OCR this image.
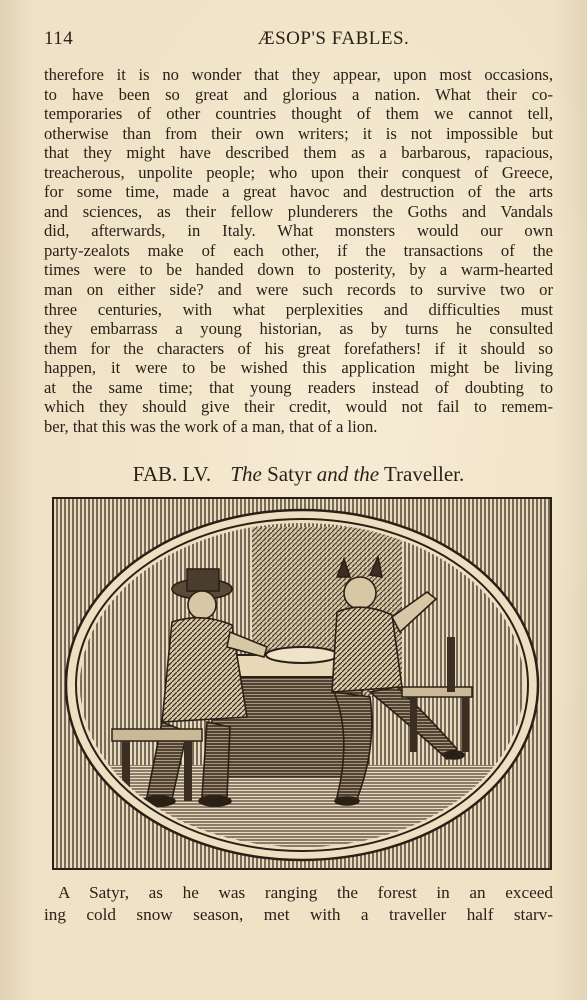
114	ÆSOP'S FABLES.
therefore it is no wonder that they appear, upon most occasions,
to have been so great and glorious a nation. What their co-
temporaries of other countries thought of them we cannot tell,
otherwise than from their own writers; it is not impossible but
that they might have described them as a barbarous, rapacious,
treacherous, unpolite people; who upon their conquest of Greece,
for some time, made a great havoc and destruction of the arts
and sciences, as their fellow plunderers the Goths and Vandals
did, afterwards, in Italy. What monsters would our own
party-zealots make of each other, if the transactions of the
times were to be handed down to posterity, by a warm-hearted
man on either side? and were such records to survive two or
three centuries, with what perplexities and difficulties must
they embarrass a young historian, as by turns he consulted
them for the characters of his great forefathers! if it should so
happen, it were to be wished this application might be living
at the same time; that young readers instead of doubting to
which they should give their credit, would not fail to remem-
ber, that this was the work of a man, that of a lion.
FAB. LV. The Satyr and the Traveller.
A Satyr, as he was ranging the forest in an exceed
ing cold snow season, met with a traveller half starv-
